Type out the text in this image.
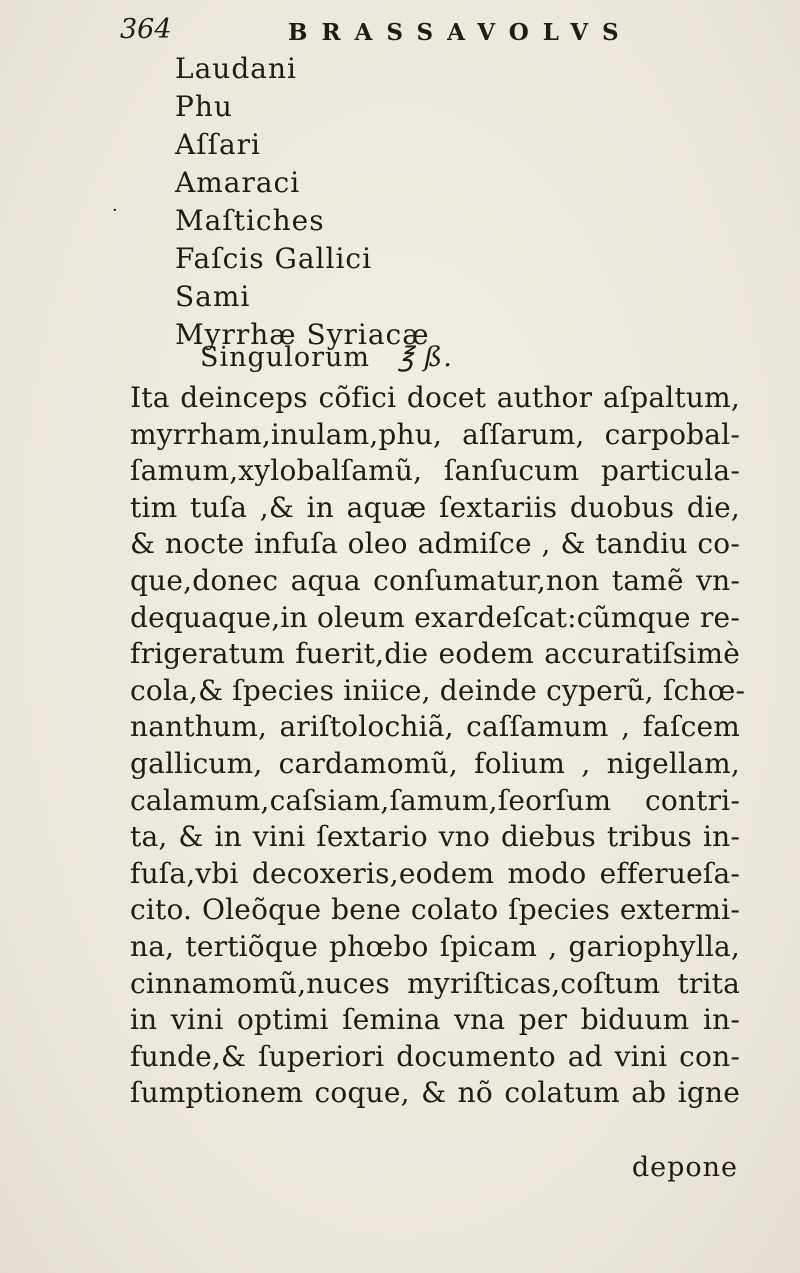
364	BRASSAVOLVS
·
Laudani
Phu
Aſſari
Amaraci
Maſtiches
Faſcis Gallici
Sami
Myrrhæ Syriacæ
Singulorum ℥ ß.
Ita deinceps cõfici docet author aſpaltum,
myrrham,inulam,phu, aſſarum, carpobal-
ſamum,xylobalſamũ, ſanſucum particula-
tim tuſa ,& in aquæ ſextariis duobus die,
& nocte infuſa oleo admiſce , & tandiu co-
que,donec aqua conſumatur,non tamẽ vn-
dequaque,in oleum exardeſcat:cũmque re-
frigeratum fuerit,die eodem accuratiſsimè
cola,& ſpecies iniice, deinde cyperũ, ſchœ-
nanthum, ariſtolochiã, caſſamum , faſcem
gallicum, cardamomũ, folium , nigellam,
calamum,caſsiam,ſamum,ſeorſum contri-
ta, & in vini ſextario vno diebus tribus in-
fuſa,vbi decoxeris,eodem modo efferueſa-
cito. Oleõque bene colato ſpecies extermi-
na, tertiõque phœbo ſpicam , gariophylla,
cinnamomũ,nuces myriſticas,coſtum trita
in vini optimi ſemina vna per biduum in-
funde,& ſuperiori documento ad vini con-
ſumptionem coque, & nõ colatum ab igne
depone
